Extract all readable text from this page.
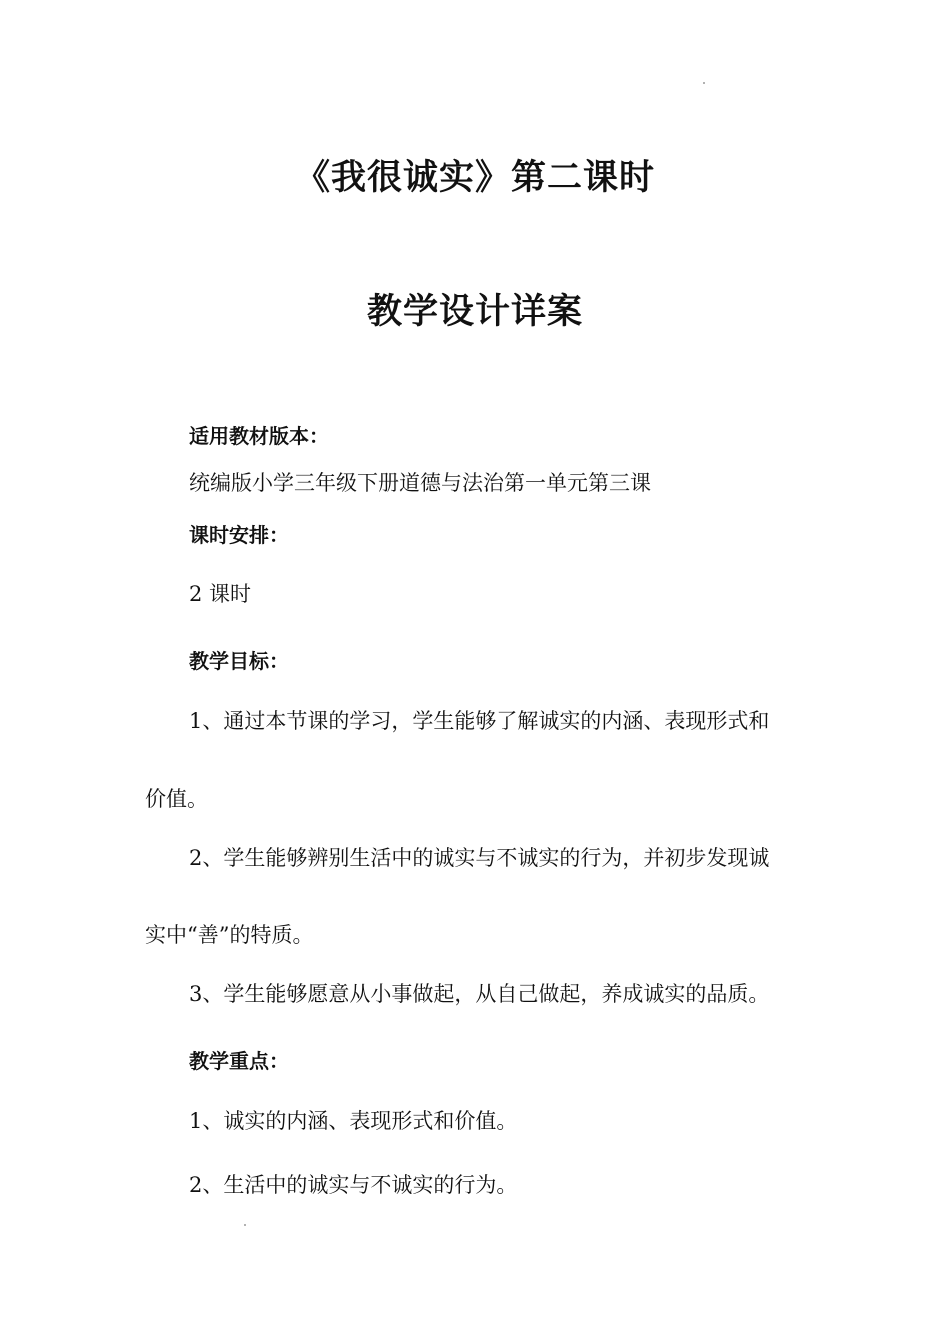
《我很诚实》第二课时
教学设计详案
适用教材版本：
统编版小学三年级下册道德与法治第一单元第三课
课时安排：
2 课时
教学目标：
1、通过本节课的学习，学生能够了解诚实的内涵、表现形式和
价值。
2、学生能够辨别生活中的诚实与不诚实的行为，并初步发现诚
实中“善”的特质。
3、学生能够愿意从小事做起，从自己做起，养成诚实的品质。
教学重点：
1、诚实的内涵、表现形式和价值。
2、生活中的诚实与不诚实的行为。
